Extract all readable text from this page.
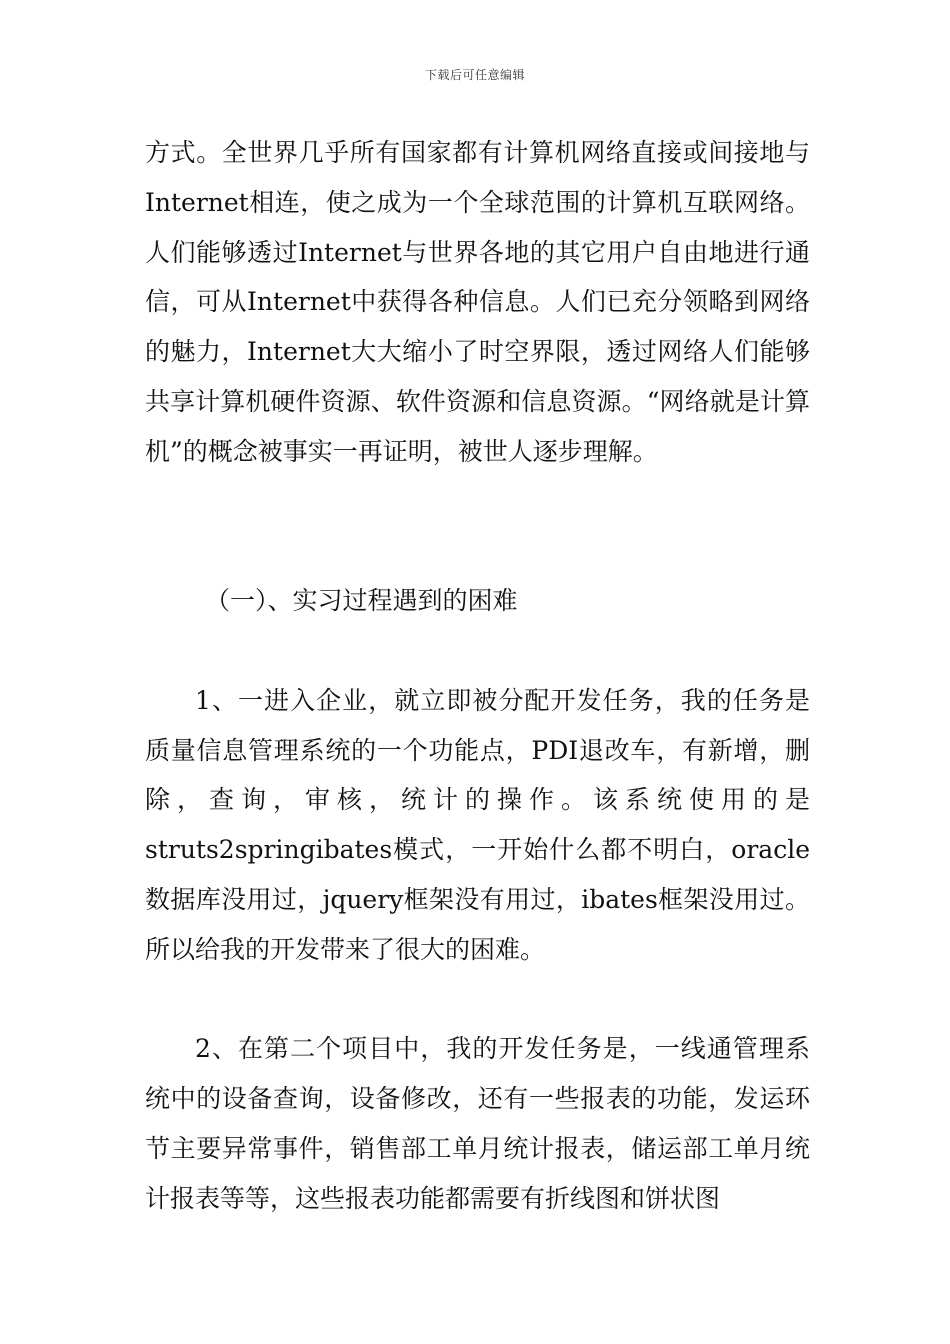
下载后可任意编辑

方式。全世界几乎所有国家都有计算机网络直接或间接地与Internet相连，使之成为一个全球范围的计算机互联网络。人们能够透过Internet与世界各地的其它用户自由地进行通信，可从Internet中获得各种信息。人们已充分领略到网络的魅力，Internet大大缩小了时空界限，透过网络人们能够共享计算机硬件资源、软件资源和信息资源。“网络就是计算机”的概念被事实一再证明，被世人逐步理解。

（一）、实习过程遇到的困难

1、一进入企业，就立即被分配开发任务，我的任务是质量信息管理系统的一个功能点，PDI退改车，有新增，删除，查询，审核，统计的操作。该系统使用的是struts2springibates模式，一开始什么都不明白，oracle数据库没用过，jquery框架没有用过，ibates框架没用过。所以给我的开发带来了很大的困难。

2、在第二个项目中，我的开发任务是，一线通管理系统中的设备查询，设备修改，还有一些报表的功能，发运环节主要异常事件，销售部工单月统计报表，储运部工单月统计报表等等，这些报表功能都需要有折线图和饼状图
